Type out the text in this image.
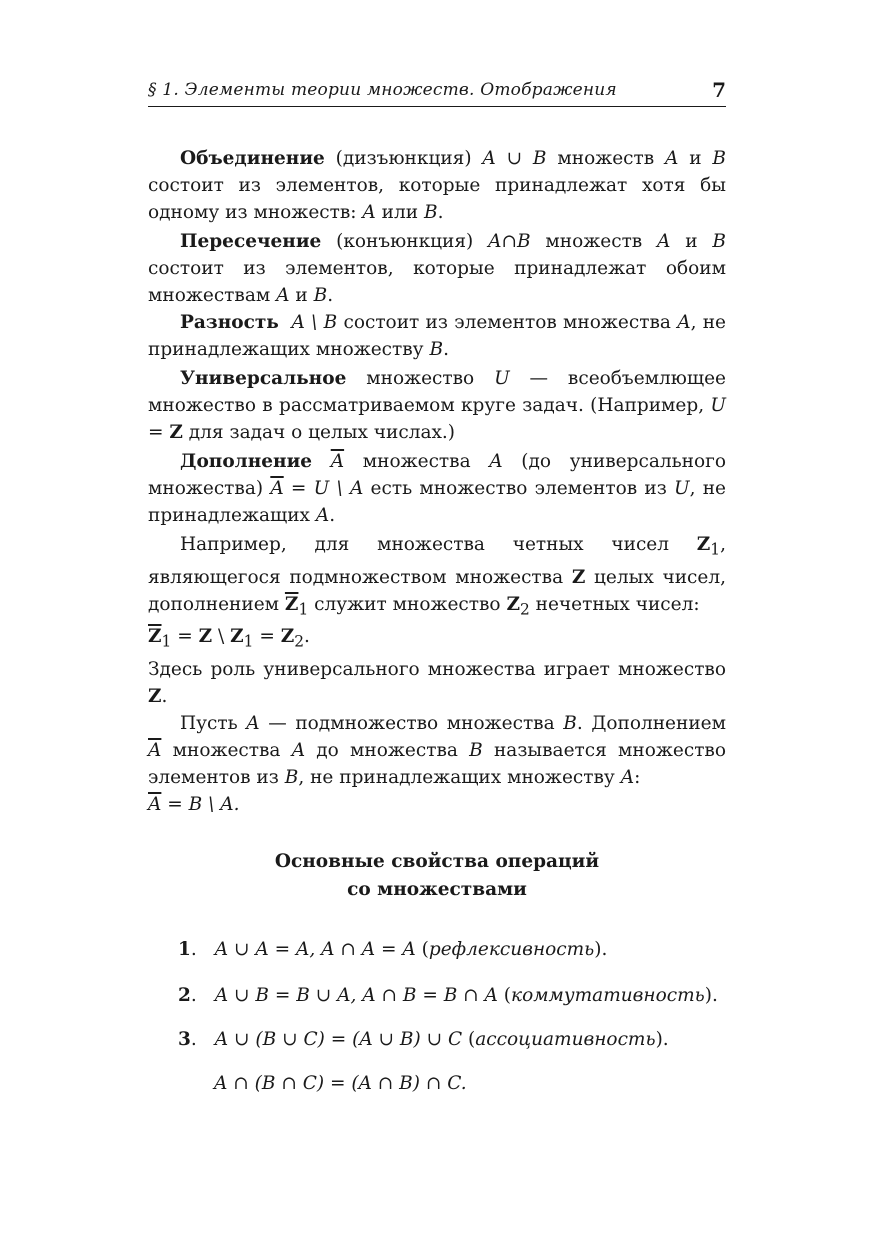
§ 1. Элементы теории множеств. Отображения	7

Объединение (дизъюнкция) A ∪ B множеств A и B состоит из элементов, которые принадлежат хотя бы одному из множеств: A или B.

Пересечение (конъюнкция) A∩B множеств A и B состоит из элементов, которые принадлежат обоим множествам A и B.

Разность A \ B состоит из элементов множества A, не принадлежащих множеству B.

Универсальное множество U — всеобъемлющее множество в рассматриваемом круге задач. (Например, U = Z для задач о целых числах.)

Дополнение $\overline{A}$ множества A (до универсального множества) $\overline{A} = U$ \ A есть множество элементов из U, не принадлежащих A.

Например, для множества четных чисел $Z_1$, являющегося подмножеством множества Z целых чисел, дополнением $\overline{Z}_1$ служит множество $Z_2$ нечетных чисел:

$\overline{Z}_1 = Z$ \ $Z_1 = Z_2$.

Здесь роль универсального множества играет множество Z.

Пусть A — подмножество множества B. Дополнением $\overline{A}$ множества A до множества B называется множество элементов из B, не принадлежащих множеству A:

$\overline{A} = B$ \ A.

Основные свойства операций
со множествами
1. A ∪ A = A, A ∩ A = A (рефлексивность).
2. A ∪ B = B ∪ A, A ∩ B = B ∩ A (коммутативность).
3. A ∪ (B ∪ C) = (A ∪ B) ∪ C (ассоциативность).
A ∩ (B ∩ C) = (A ∩ B) ∩ C.
